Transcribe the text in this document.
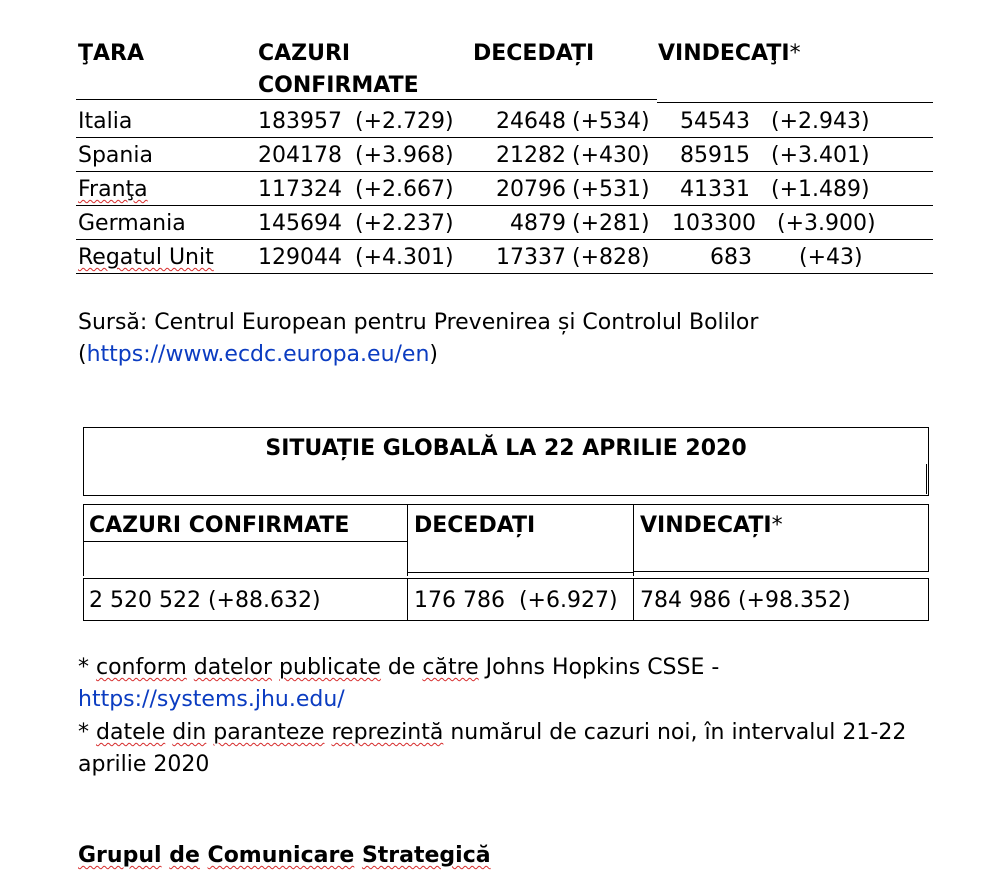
ŢARA	CAZURI
CONFIRMATE
DECEDAȚI	VINDECAŢI*
Italia	183957 (+2.729)	24648 (+534)	54543 (+2.943)
Spania	204178 (+3.968)	21282 (+430)	85915 (+3.401)
Franţa	117324 (+2.667)	20796 (+531)	41331 (+1.489)
Germania	145694 (+2.237)	4879 (+281)	103300 (+3.900)
Regatul Unit 129044 (+4.301)	17337 (+828)	683 (+43)
Sursă: Centrul European pentru Prevenirea și Controlul Bolilor
(https://www.ecdc.europa.eu/en)
SITUAȚIE GLOBALĂ LA 22 APRILIE 2020
CAZURI CONFIRMATE	DECEDAȚI	VINDECAȚI*
2 520 522 (+88.632)	176 786  (+6.927) 784 986 (+98.352)
* conform datelor publicate de către Johns Hopkins CSSE -
https://systems.jhu.edu/
* datele din paranteze reprezintă numărul de cazuri noi, în intervalul 21-22
aprilie 2020
Grupul de Comunicare Strategică
